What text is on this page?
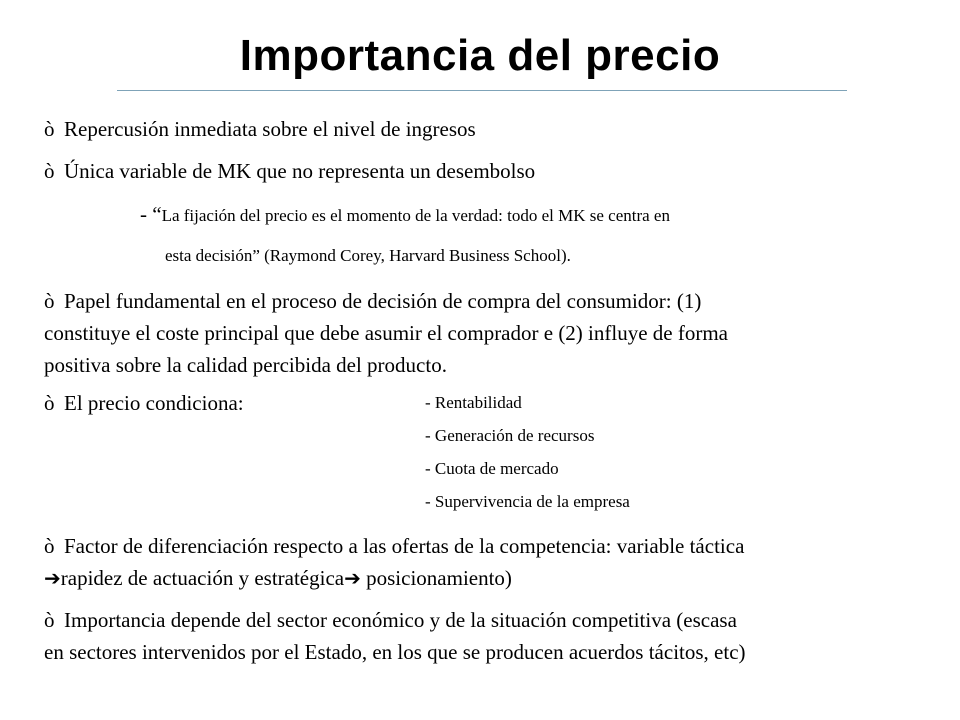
Importancia del precio
ò Repercusión inmediata sobre el nivel de ingresos
ò Única variable de MK que no representa un desembolso
- “La fijación del precio es el momento de la verdad: todo el MK se centra en
esta decisión” (Raymond Corey, Harvard Business School).
ò Papel fundamental en el proceso de decisión de compra del consumidor: (1)
constituye el coste principal que debe asumir el comprador e (2) influye de forma
positiva sobre la calidad percibida del producto.
ò El precio condiciona:	- Rentabilidad
- Generación de recursos
- Cuota de mercado
- Supervivencia de la empresa
ò Factor de diferenciación respecto a las ofertas de la competencia: variable táctica
➔rapidez de actuación y estratégica➔ posicionamiento)
ò Importancia depende del sector económico y de la situación competitiva (escasa
en sectores intervenidos por el Estado, en los que se producen acuerdos tácitos, etc)
